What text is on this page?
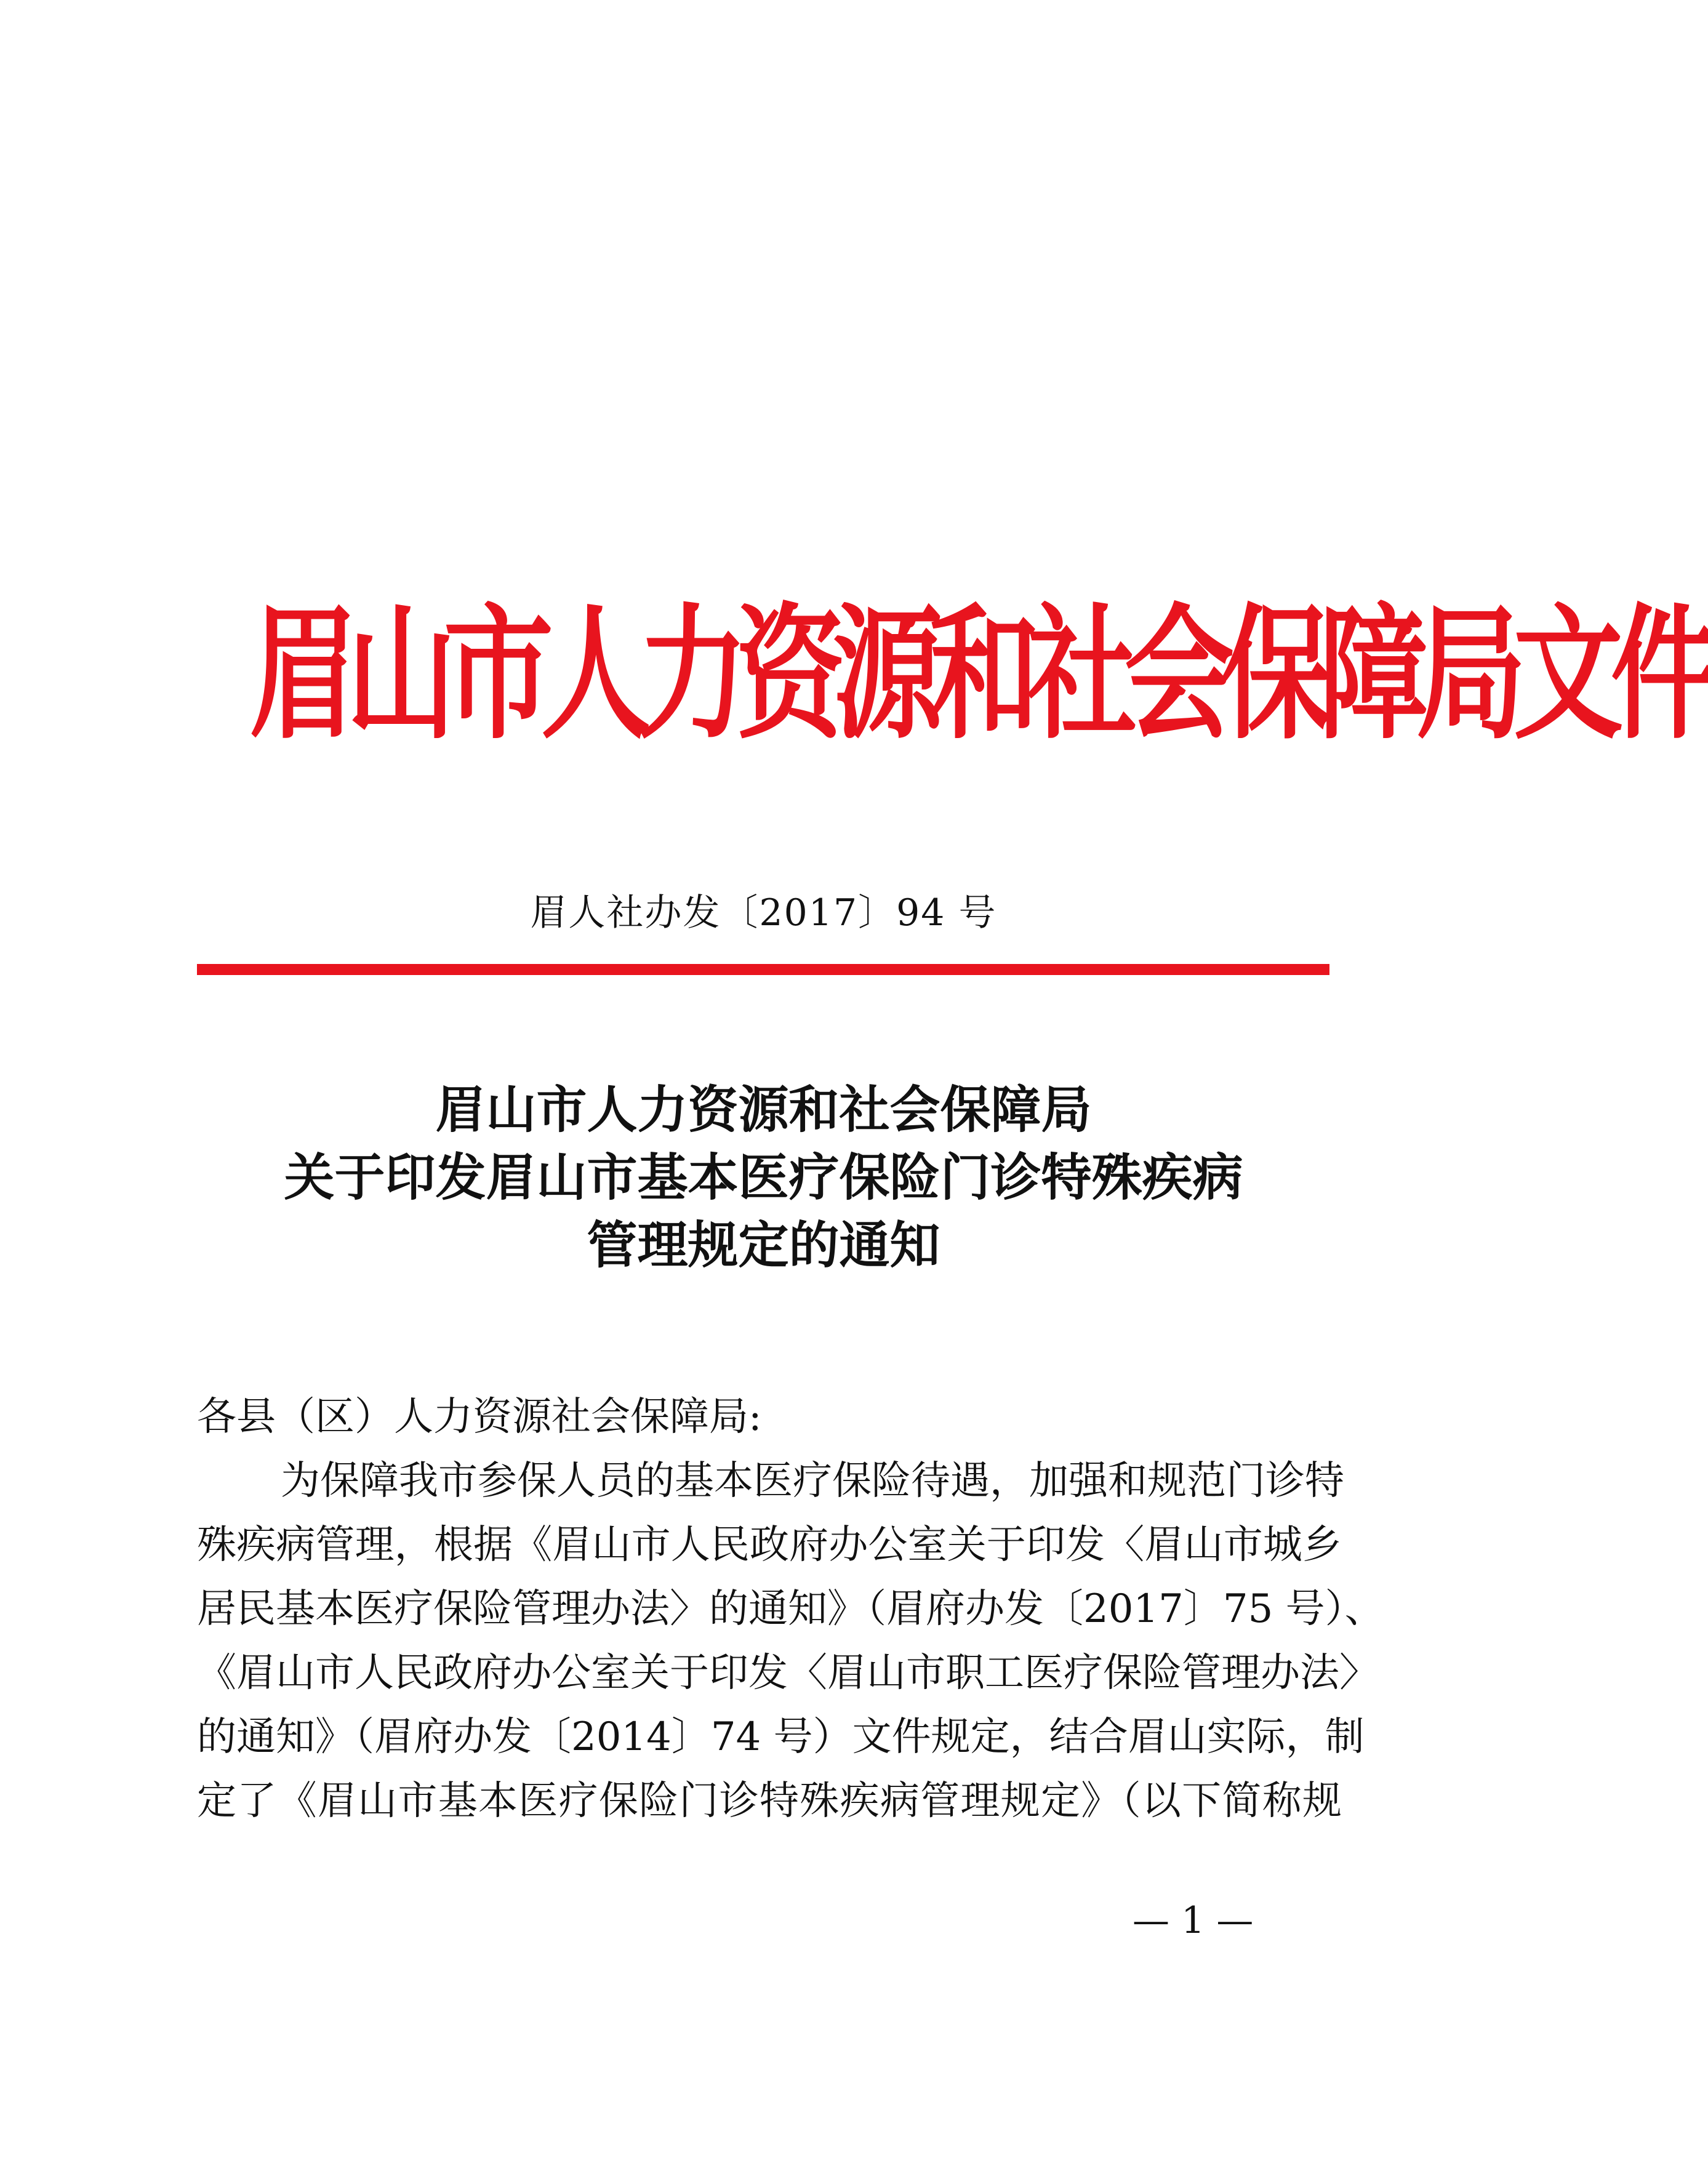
眉山市人力资源和社会保障局文件
眉人社办发〔2017〕94 号
眉山市人力资源和社会保障局
关于印发眉山市基本医疗保险门诊特殊疾病
管理规定的通知
各县（区）人力资源社会保障局:
为保障我市参保人员的基本医疗保险待遇，加强和规范门诊特
殊疾病管理，根据《眉山市人民政府办公室关于印发〈眉山市城乡
居民基本医疗保险管理办法〉的通知》（眉府办发〔2017〕75 号）、
《眉山市人民政府办公室关于印发〈眉山市职工医疗保险管理办法〉
的通知》（眉府办发〔2014〕74 号）文件规定，结合眉山实际，制
定了《眉山市基本医疗保险门诊特殊疾病管理规定》（以下简称规
— 1 —
